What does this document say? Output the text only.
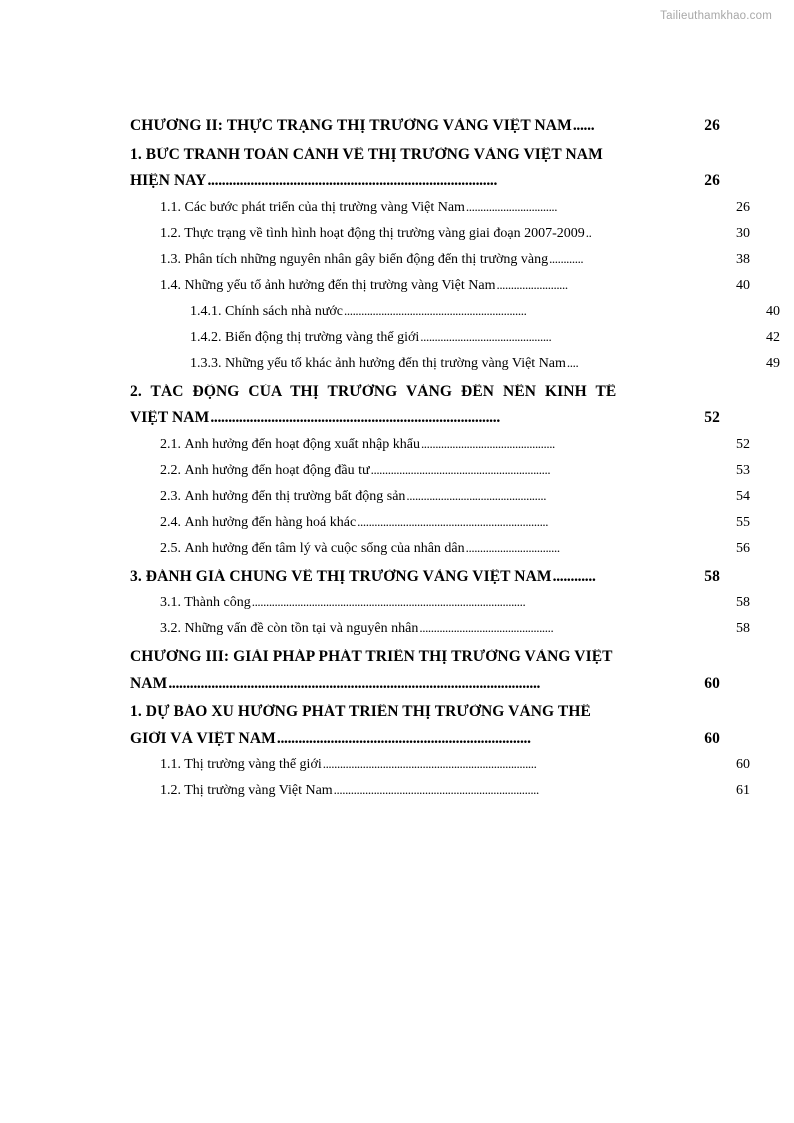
Tailieuthamkhao.com
CHƯƠNG II: THỰC TRẠNG THỊ TRƯỜNG VÀNG VIỆT NAM ......	26
1. BỨC TRANH TOÀN CẢNH VỀ THỊ TRƯỜNG VÀNG VIỆT NAM
HIỆN NAY .................................................................................	26
1.1. Các bước phát triển của thị trường vàng Việt Nam ................................	26
1.2. Thực trạng về tình hình hoạt động thị trường vàng giai đoạn 2007-2009 ..	30
1.3. Phân tích những nguyên nhân gây biến động đến thị trường vàng ............	38
1.4. Những yếu tố ảnh hưởng đến thị trường vàng Việt Nam .........................	40
1.4.1. Chính sách nhà nước ................................................................	40
1.4.2. Biến động thị trường vàng thế giới ..............................................	42
1.3.3. Những yếu tố khác ảnh hưởng đến thị trường vàng Việt Nam ....	49
2. TÁC ĐỘNG CỦA THỊ TRƯỜNG VÀNG ĐẾN NỀN KINH TẾ
VIỆT NAM .................................................................................	52
2.1. Ảnh hưởng đến hoạt động xuất nhập khẩu ...............................................	52
2.2. Ảnh hưởng đến hoạt động đầu tư ...............................................................	53
2.3. Ảnh hưởng đến thị trường bất động sản .................................................	54
2.4. Ảnh hưởng đến hàng hoá khác ...................................................................	55
2.5. Ảnh hưởng đến tâm lý và cuộc sống của nhân dân .................................	56
3. ĐÁNH GIÁ CHUNG VỀ THỊ TRƯỜNG VÀNG VIỆT NAM ............	58
3.1. Thành công ................................................................................................	58
3.2. Những vấn đề còn tồn tại và nguyên nhân ...............................................	58
CHƯƠNG III: GIẢI PHÁP PHÁT TRIỂN THỊ TRƯỜNG VÀNG VIỆT
NAM ........................................................................................................	60
1. DỰ BÁO XU HƯỚNG PHÁT TRIỂN THỊ TRƯỜNG VÀNG THẾ
GIỚI VÀ VIỆT NAM .......................................................................	60
1.1. Thị trường vàng thế giới ...........................................................................	60
1.2. Thị trường vàng Việt Nam ........................................................................	61
